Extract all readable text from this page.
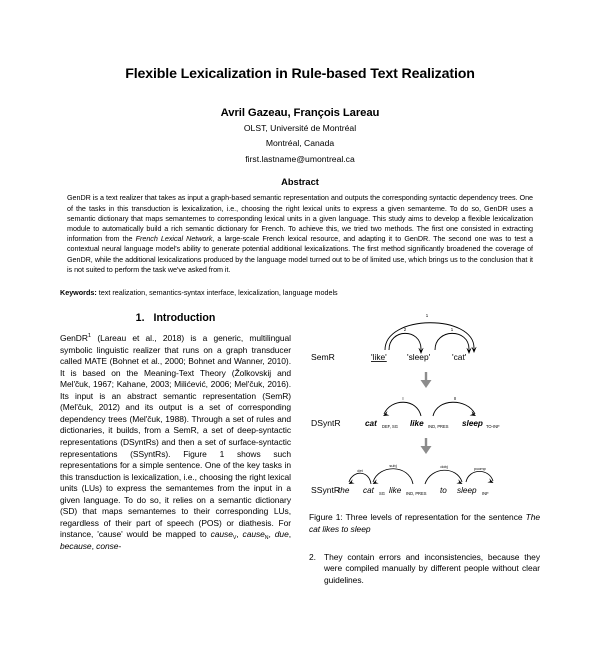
Flexible Lexicalization in Rule-based Text Realization
Avril Gazeau, François Lareau
OLST, Université de Montréal
Montréal, Canada
first.lastname@umontreal.ca
Abstract
GenDR is a text realizer that takes as input a graph-based semantic representation and outputs the corresponding syntactic dependency trees. One of the tasks in this transduction is lexicalization, i.e., choosing the right lexical units to express a given semanteme. To do so, GenDR uses a semantic dictionary that maps semantemes to corresponding lexical units in a given language. This study aims to develop a flexible lexicalization module to automatically build a rich semantic dictionary for French. To achieve this, we tried two methods. The first one consisted in extracting information from the French Lexical Network, a large-scale French lexical resource, and adapting it to GenDR. The second one was to test a contextual neural language model's ability to generate potential additional lexicalizations. The first method significantly broadened the coverage of GenDR, while the additional lexicalizations produced by the language model turned out to be of limited use, which brings us to the conclusion that it is not suited to perform the task we've asked from it.
Keywords: text realization, semantics-syntax interface, lexicalization, language models
1. Introduction
GenDR$^1$ (Lareau et al., 2018) is a generic, multilingual symbolic linguistic realizer that runs on a graph transducer called MATE (Bohnet et al., 2000; Bohnet and Wanner, 2010). It is based on the Meaning-Text Theory (Žolkovskij and Mel'čuk, 1967; Kahane, 2003; Milićević, 2006; Mel'čuk, 2016). Its input is an abstract semantic representation (SemR) (Mel'čuk, 2012) and its output is a set of corresponding dependency trees (Mel'čuk, 1988). Through a set of rules and dictionaries, it builds, from a SemR, a set of deep-syntactic representations (DSyntRs) and then a set of surface-syntactic representations (SSyntRs). Figure 1 shows such representations for a simple sentence. One of the key tasks in this transduction is lexicalization, i.e., choosing the right lexical units (LUs) to express the semantemes from the input in a given language. To do so, it relies on a semantic dictionary (SD) that maps semantemes to their corresponding LUs, regardless of their part of speech (POS) or diathesis. For instance, 'cause' would be mapped to cause$_V$, cause$_N$, due, because, conse-
SemR
1
2	1
'like' 'sleep'	'cat'
DSyntR
I	II
cat DEF, SG like IND, PRES sleep TO-INF
SSyntR
det
subj	dobj	pcomp
the cat SG like IND, PRES to sleep INF
Figure 1: Three levels of representation for the sentence The cat likes to sleep
2. They contain errors and inconsistencies, because they were compiled manually by different people without clear guidelines.
